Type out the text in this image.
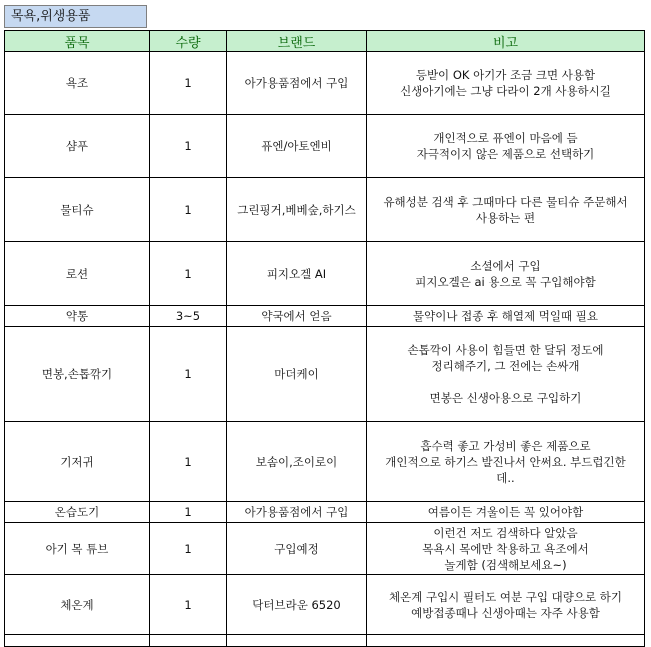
목욕,위생용품
품목	수량	브랜드	비고
욕조	1	아가용품점에서 구입	등받이 OK 아기가 조금 크면 사용함
신생아기에는 그냥 다라이 2개 사용하시길
샴푸	1	퓨엔/아토엔비	개인적으로 퓨엔이 마음에 듬
자극적이지 않은 제품으로 선택하기
물티슈	1	그린핑거,베베숲,하기스	유해성분 검색 후 그때마다 다른 물티슈 주문해서
사용하는 편
로션	1	피지오겔 AI	소셜에서 구입
피지오겔은 ai 용으로 꼭 구입해야함
약통	3~5	약국에서 얻음	물약이나 접종 후 해열제 먹일때 필요
면봉,손톱깎기	1	마더케이	손톱깍이 사용이 힘들면 한 달뒤 정도에
정리해주기, 그 전에는 손싸개

면봉은 신생아용으로 구입하기
기저귀	1	보솜이,조이로이	흡수력 좋고 가성비 좋은 제품으로
개인적으로 하기스 발진나서 안써요. 부드럽긴한
데..
온습도기	1	아가용품점에서 구입	여름이든 겨울이든 꼭 있어야함
아기 목 튜브	1	구입예정	이런건 저도 검색하다 알았음
목욕시 목에만 착용하고 욕조에서
놀게함 (검색해보세요~)
체온계	1	닥터브라운 6520	체온계 구입시 필터도 여분 구입 대량으로 하기
예방접종때나 신생아때는 자주 사용함
